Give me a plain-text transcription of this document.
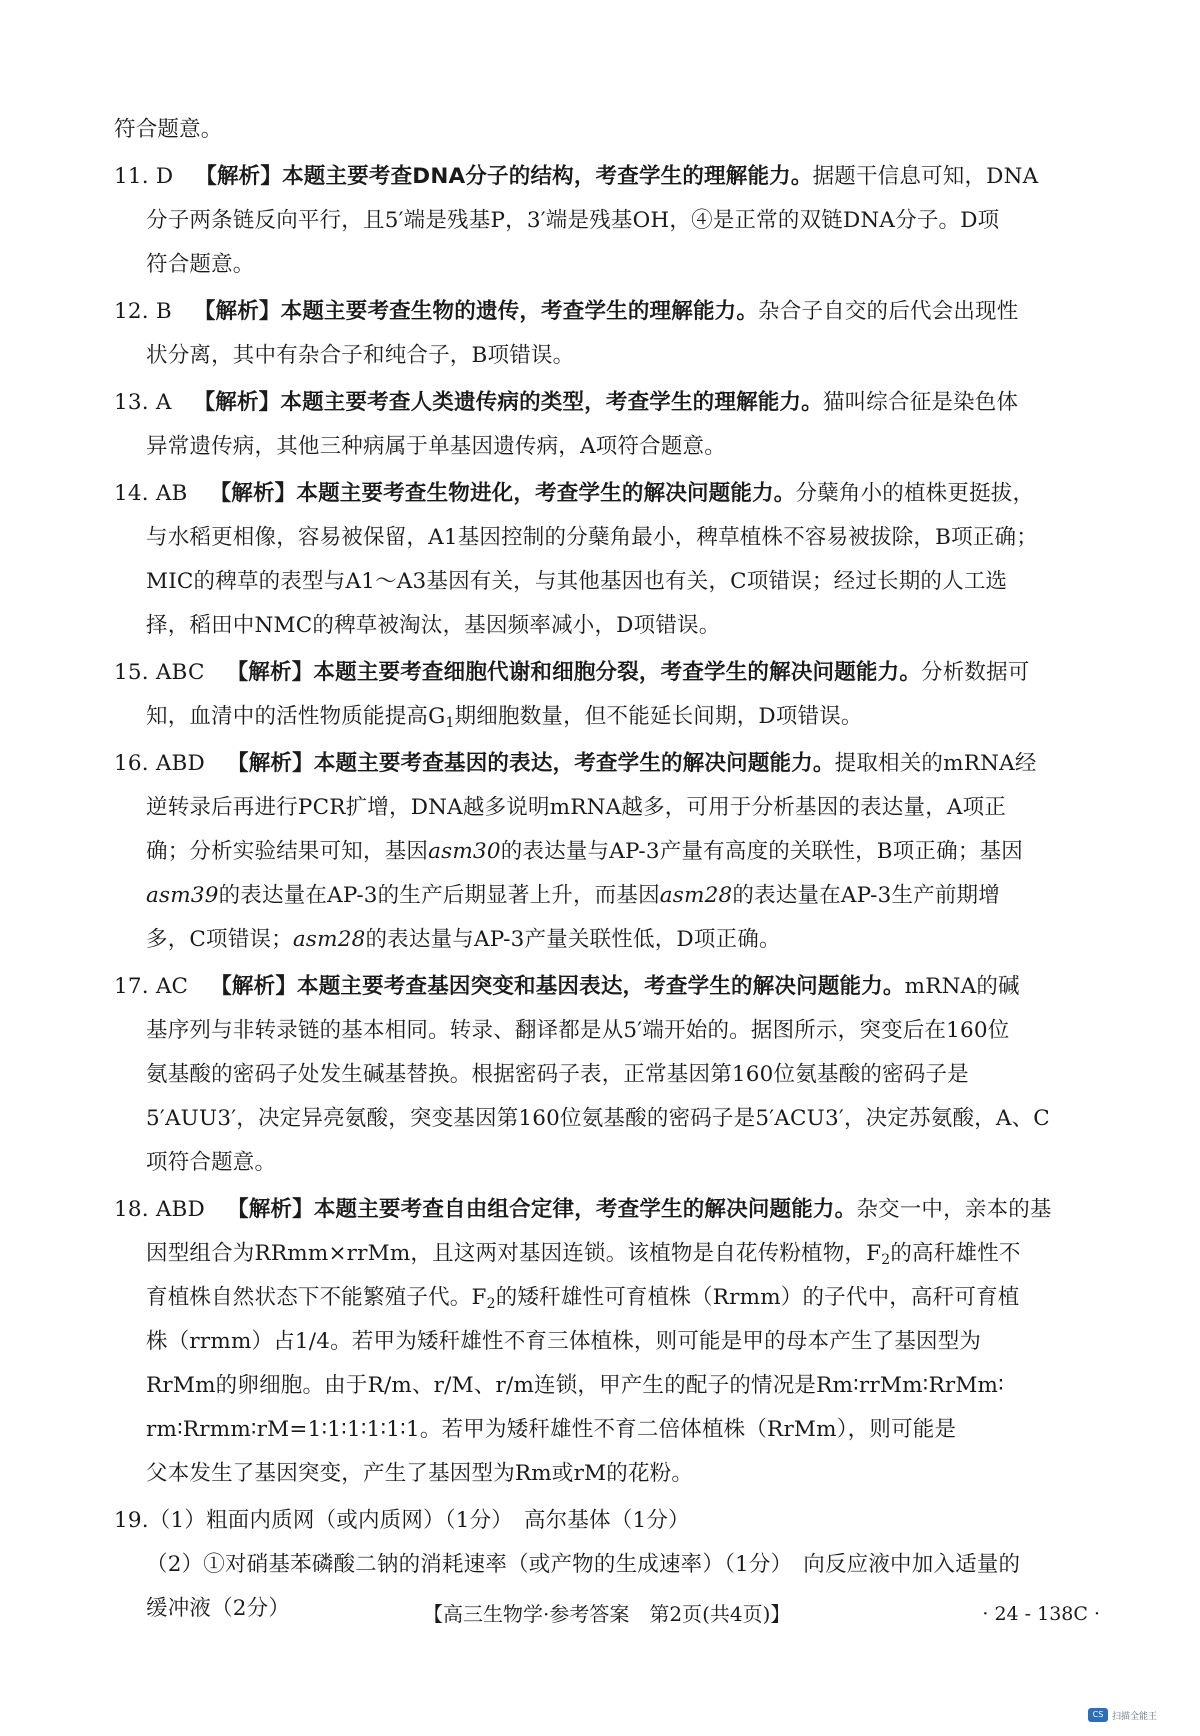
符合题意。
11. D 【解析】本题主要考查DNA分子的结构，考查学生的理解能力。据题干信息可知，DNA
分子两条链反向平行，且5′端是残基P，3′端是残基OH，④是正常的双链DNA分子。D项
符合题意。
12. B 【解析】本题主要考查生物的遗传，考查学生的理解能力。杂合子自交的后代会出现性
状分离，其中有杂合子和纯合子，B项错误。
13. A 【解析】本题主要考查人类遗传病的类型，考查学生的理解能力。猫叫综合征是染色体
异常遗传病，其他三种病属于单基因遗传病，A项符合题意。
14. AB 【解析】本题主要考查生物进化，考查学生的解决问题能力。分蘖角小的植株更挺拔，
与水稻更相像，容易被保留，A1基因控制的分蘖角最小，稗草植株不容易被拔除，B项正确；
MIC的稗草的表型与A1～A3基因有关，与其他基因也有关，C项错误；经过长期的人工选
择，稻田中NMC的稗草被淘汰，基因频率减小，D项错误。
15. ABC 【解析】本题主要考查细胞代谢和细胞分裂，考查学生的解决问题能力。分析数据可
知，血清中的活性物质能提高$G_1$期细胞数量，但不能延长间期，D项错误。
16. ABD 【解析】本题主要考查基因的表达，考查学生的解决问题能力。提取相关的mRNA经
逆转录后再进行PCR扩增，DNA越多说明mRNA越多，可用于分析基因的表达量，A项正
确；分析实验结果可知，基因asm30的表达量与AP-3产量有高度的关联性，B项正确；基因
asm39的表达量在AP-3的生产后期显著上升，而基因asm28的表达量在AP-3生产前期增
多，C项错误；asm28的表达量与AP-3产量关联性低，D项正确。
17. AC 【解析】本题主要考查基因突变和基因表达，考查学生的解决问题能力。mRNA的碱
基序列与非转录链的基本相同。转录、翻译都是从5′端开始的。据图所示，突变后在160位
氨基酸的密码子处发生碱基替换。根据密码子表，正常基因第160位氨基酸的密码子是
5′AUU3′，决定异亮氨酸，突变基因第160位氨基酸的密码子是5′ACU3′，决定苏氨酸，A、C
项符合题意。
18. ABD 【解析】本题主要考查自由组合定律，考查学生的解决问题能力。杂交一中，亲本的基
因型组合为RRmm×rrMm，且这两对基因连锁。该植物是自花传粉植物，$F_2$的高秆雄性不
育植株自然状态下不能繁殖子代。$F_2$的矮秆雄性可育植株（Rrmm）的子代中，高秆可育植
株（rrmm）占1/4。若甲为矮秆雄性不育三体植株，则可能是甲的母本产生了基因型为
RrMm的卵细胞。由于R/m、r/M、r/m连锁，甲产生的配子的情况是Rm∶rrMm∶RrMm∶
rm∶Rrmm∶rM=1∶1∶1∶1∶1∶1。若甲为矮秆雄性不育二倍体植株（RrMm），则可能是
父本发生了基因突变，产生了基因型为Rm或rM的花粉。
19.（1）粗面内质网（或内质网）（1分）　高尔基体（1分）
（2）①对硝基苯磷酸二钠的消耗速率（或产物的生成速率）（1分）　向反应液中加入适量的
缓冲液（2分）	【高三生物学·参考答案　第2页(共4页)】	· 24 - 138C ·
CS 扫描全能王
